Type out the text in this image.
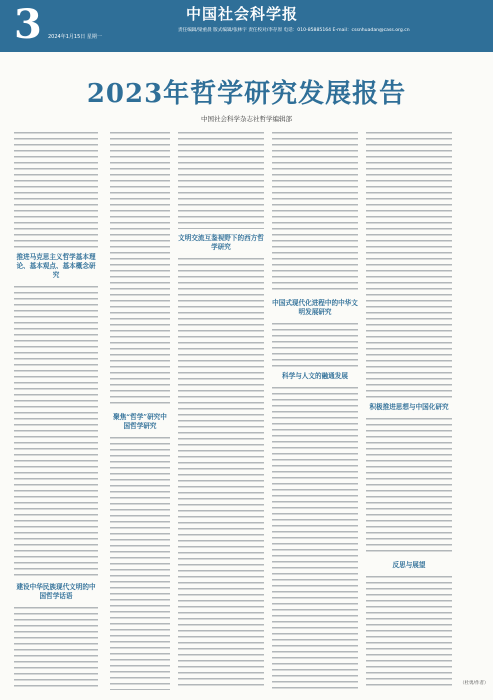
3 2024年1月15日 星期一
中国社会科学报
责任编辑/梁重晨 版式编辑/张林宇 责任校对/李存原 电话：010-85885164 E-mail：cssnhuadan@cass.org.cn
2023年哲学研究发展报告
中国社会科学杂志社哲学编辑部
推进马克思主义哲学基本理论、基本观点、基本概念研究
建设中华民族现代文明的中国哲学话语
聚焦“哲学”研究中国哲学研究
文明交流互鉴视野下的西方哲学研究
中国式现代化进程中的中华文明发展研究
科学与人文的融通发展
积极推进思想与中国化研究
反思与展望
（杜勇/作者）
